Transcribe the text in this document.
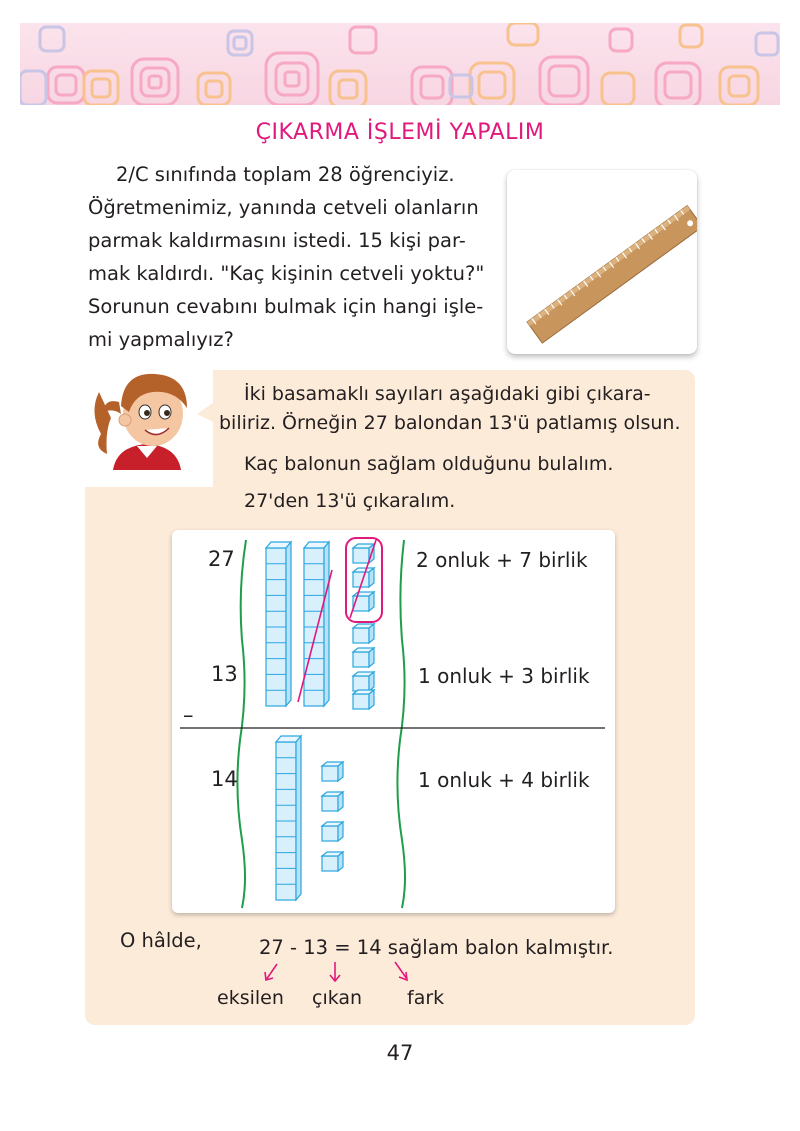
ÇIKARMA İŞLEMİ YAPALIM
2/C sınıfında toplam 28 öğrenciyiz.
Öğretmenimiz, yanında cetveli olanların
parmak kaldırmasını istedi. 15 kişi par-
mak kaldırdı. "Kaç kişinin cetveli yoktu?"
Sorunun cevabını bulmak için hangi işle-
mi yapmalıyız?
İki basamaklı sayıları aşağıdaki gibi çıkara-
biliriz. Örneğin 27 balondan 13'ü patlamış olsun.
Kaç balonun sağlam olduğunu bulalım.
27'den 13'ü çıkaralım.
27
13
–
14
2 onluk + 7 birlik
1 onluk + 3 birlik
1 onluk + 4 birlik
O hâlde,	27 - 13 = 14 sağlam balon kalmıştır.
eksilen çıkan fark
47
